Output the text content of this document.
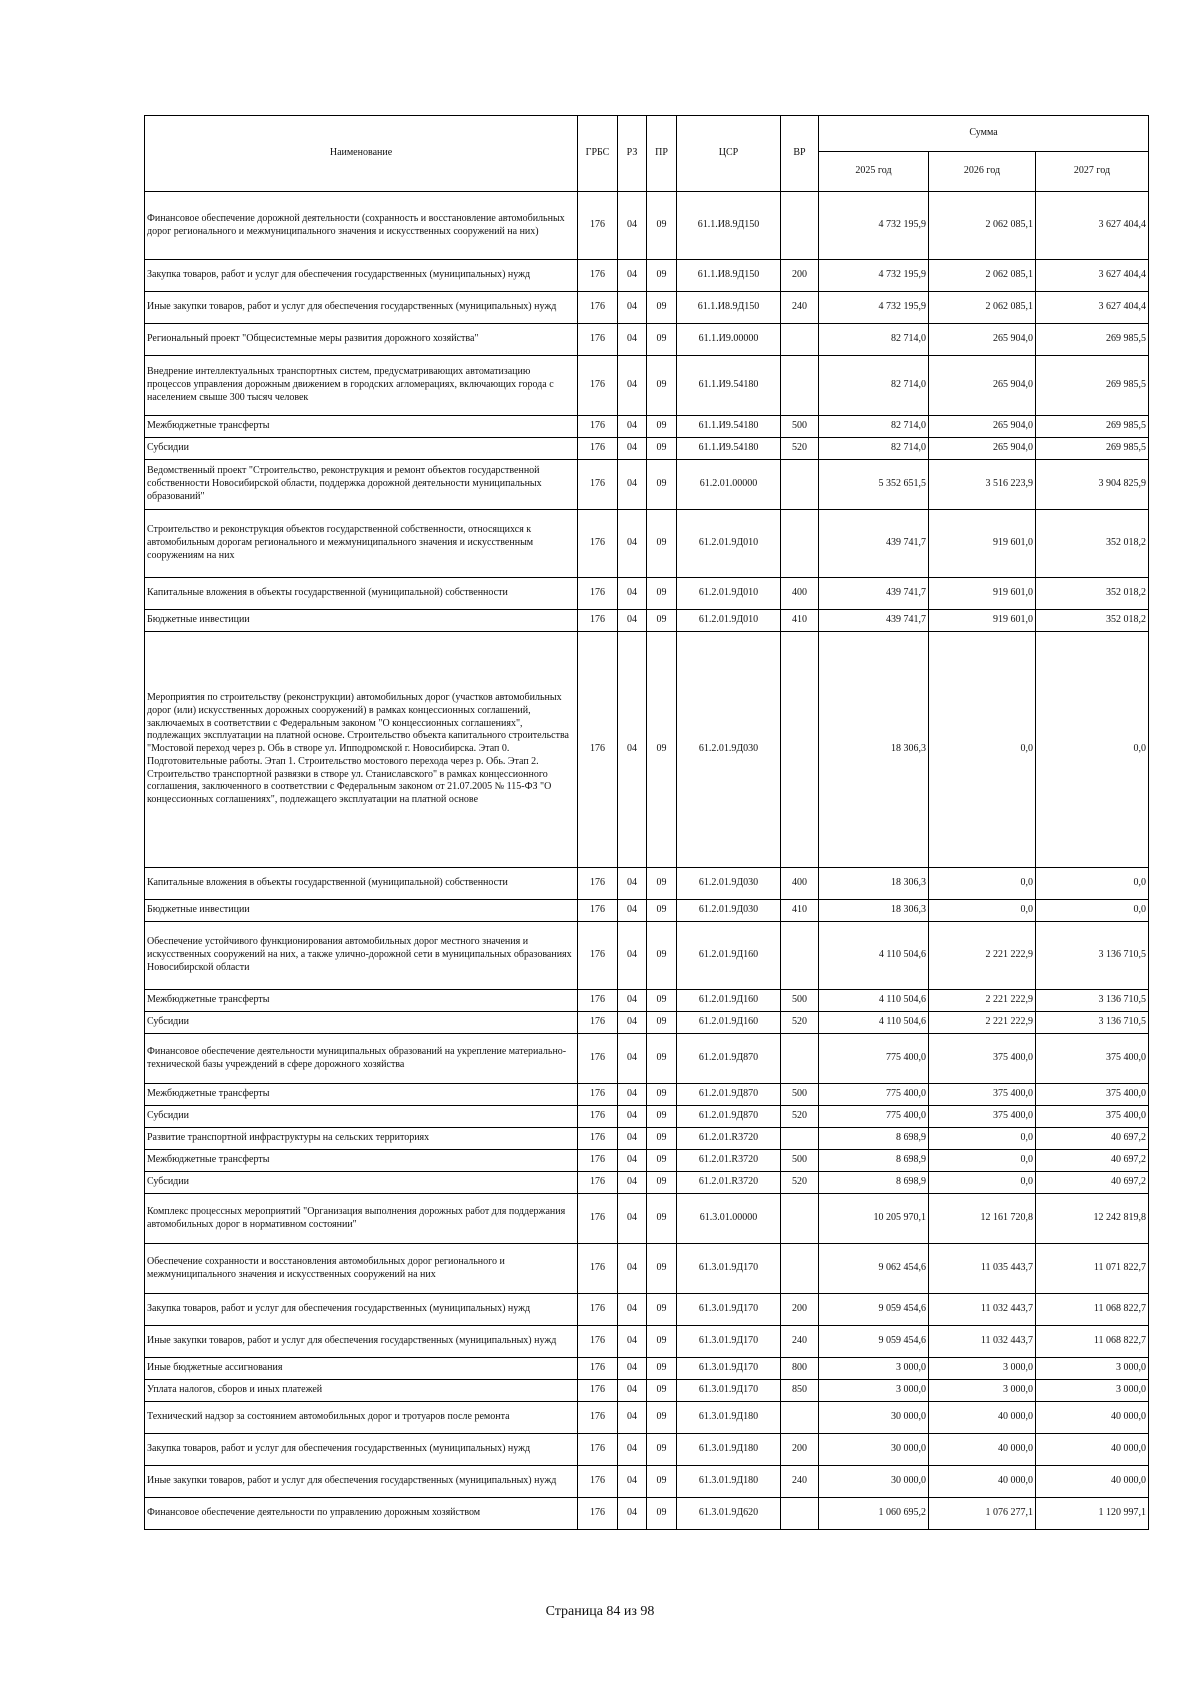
Наименование	ГРБС	РЗ	ПР	ЦСР	ВР	Сумма		
						2025 год	2026 год	2027 год
Финансовое обеспечение дорожной деятельности (сохранность и восстановление автомобильных дорог регионального и межмуниципального значения и искусственных сооружений на них)	176	04	09	61.1.И8.9Д150		4 732 195,9	2 062 085,1	3 627 404,4
Закупка товаров, работ и услуг для обеспечения государственных (муниципальных) нужд	176	04	09	61.1.И8.9Д150	200	4 732 195,9	2 062 085,1	3 627 404,4
Иные закупки товаров, работ и услуг для обеспечения государственных (муниципальных) нужд	176	04	09	61.1.И8.9Д150	240	4 732 195,9	2 062 085,1	3 627 404,4
Региональный проект "Общесистемные меры развития дорожного хозяйства"	176	04	09	61.1.И9.00000		82 714,0	265 904,0	269 985,5
Внедрение интеллектуальных транспортных систем, предусматривающих автоматизацию процессов управления дорожным движением в городских агломерациях, включающих города с населением свыше 300 тысяч человек	176	04	09	61.1.И9.54180		82 714,0	265 904,0	269 985,5
Межбюджетные трансферты	176	04	09	61.1.И9.54180	500	82 714,0	265 904,0	269 985,5
Субсидии	176	04	09	61.1.И9.54180	520	82 714,0	265 904,0	269 985,5
Ведомственный проект "Строительство, реконструкция и ремонт объектов государственной собственности Новосибирской области, поддержка дорожной деятельности муниципальных образований"	176	04	09	61.2.01.00000		5 352 651,5	3 516 223,9	3 904 825,9
Строительство и реконструкция объектов государственной собственности, относящихся к автомобильным дорогам регионального и межмуниципального значения и искусственным сооружениям на них	176	04	09	61.2.01.9Д010		439 741,7	919 601,0	352 018,2
Капитальные вложения в объекты государственной (муниципальной) собственности	176	04	09	61.2.01.9Д010	400	439 741,7	919 601,0	352 018,2
Бюджетные инвестиции	176	04	09	61.2.01.9Д010	410	439 741,7	919 601,0	352 018,2
Мероприятия по строительству (реконструкции) автомобильных дорог (участков автомобильных дорог (или) искусственных дорожных сооружений) в рамках концессионных соглашений, заключаемых в соответствии с Федеральным законом "О концессионных соглашениях", подлежащих эксплуатации на платной основе. Строительство объекта капитального строительства "Мостовой переход через р. Обь в створе ул. Ипподромской г. Новосибирска. Этап 0. Подготовительные работы. Этап 1. Строительство мостового перехода через р. Обь. Этап 2. Строительство транспортной развязки в створе ул. Станиславского" в рамках концессионного соглашения, заключенного в соответствии с Федеральным законом от 21.07.2005 № 115-ФЗ "О концессионных соглашениях", подлежащего эксплуатации на платной основе	176	04	09	61.2.01.9Д030		18 306,3	0,0	0,0
Капитальные вложения в объекты государственной (муниципальной) собственности	176	04	09	61.2.01.9Д030	400	18 306,3	0,0	0,0
Бюджетные инвестиции	176	04	09	61.2.01.9Д030	410	18 306,3	0,0	0,0
Обеспечение устойчивого функционирования автомобильных дорог местного значения и искусственных сооружений на них, а также улично-дорожной сети в муниципальных образованиях Новосибирской области	176	04	09	61.2.01.9Д160		4 110 504,6	2 221 222,9	3 136 710,5
Межбюджетные трансферты	176	04	09	61.2.01.9Д160	500	4 110 504,6	2 221 222,9	3 136 710,5
Субсидии	176	04	09	61.2.01.9Д160	520	4 110 504,6	2 221 222,9	3 136 710,5
Финансовое обеспечение деятельности муниципальных образований на укрепление материально-технической базы учреждений в сфере дорожного хозяйства	176	04	09	61.2.01.9Д870		775 400,0	375 400,0	375 400,0
Межбюджетные трансферты	176	04	09	61.2.01.9Д870	500	775 400,0	375 400,0	375 400,0
Субсидии	176	04	09	61.2.01.9Д870	520	775 400,0	375 400,0	375 400,0
Развитие транспортной инфраструктуры на сельских территориях	176	04	09	61.2.01.R3720		8 698,9	0,0	40 697,2
Межбюджетные трансферты	176	04	09	61.2.01.R3720	500	8 698,9	0,0	40 697,2
Субсидии	176	04	09	61.2.01.R3720	520	8 698,9	0,0	40 697,2
Комплекс процессных мероприятий "Организация выполнения дорожных работ для поддержания автомобильных дорог в нормативном состоянии"	176	04	09	61.3.01.00000		10 205 970,1	12 161 720,8	12 242 819,8
Обеспечение сохранности и восстановления автомобильных дорог регионального и межмуниципального значения и искусственных сооружений на них	176	04	09	61.3.01.9Д170		9 062 454,6	11 035 443,7	11 071 822,7
Закупка товаров, работ и услуг для обеспечения государственных (муниципальных) нужд	176	04	09	61.3.01.9Д170	200	9 059 454,6	11 032 443,7	11 068 822,7
Иные закупки товаров, работ и услуг для обеспечения государственных (муниципальных) нужд	176	04	09	61.3.01.9Д170	240	9 059 454,6	11 032 443,7	11 068 822,7
Иные бюджетные ассигнования	176	04	09	61.3.01.9Д170	800	3 000,0	3 000,0	3 000,0
Уплата налогов, сборов и иных платежей	176	04	09	61.3.01.9Д170	850	3 000,0	3 000,0	3 000,0
Технический надзор за состоянием автомобильных дорог и тротуаров после ремонта	176	04	09	61.3.01.9Д180		30 000,0	40 000,0	40 000,0
Закупка товаров, работ и услуг для обеспечения государственных (муниципальных) нужд	176	04	09	61.3.01.9Д180	200	30 000,0	40 000,0	40 000,0
Иные закупки товаров, работ и услуг для обеспечения государственных (муниципальных) нужд	176	04	09	61.3.01.9Д180	240	30 000,0	40 000,0	40 000,0
Финансовое обеспечение деятельности по управлению дорожным хозяйством	176	04	09	61.3.01.9Д620		1 060 695,2	1 076 277,1	1 120 997,1
Страница 84 из 98
